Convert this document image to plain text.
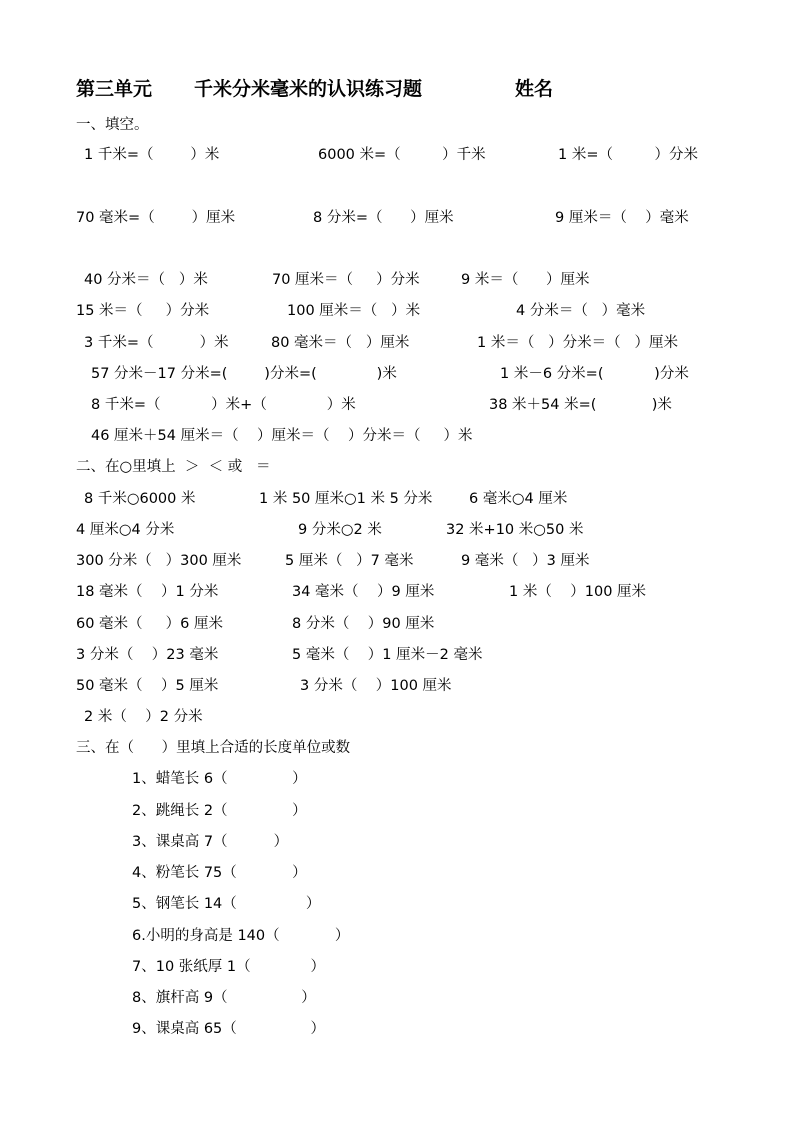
第三单元 千米分米毫米的认识练习题	姓名
一、填空。
1 千米=（        ）米	6000 米=（         ）千米	1 米=（         ）分米
70 毫米=（        ）厘米	8 分米=（      ）厘米	9 厘米＝（    ）毫米
40 分米＝（   ）米	70 厘米＝（     ）分米	9 米＝（      ）厘米
15 米＝（     ）分米	100 厘米＝（   ）米	4 分米＝（   ）毫米
3 千米=（          ）米	80 毫米＝（   ）厘米	1 米＝（   ）分米＝（   ）厘米
57 分米－17 分米=(        )分米=(             )米	1 米－6 分米=(           )分米
8 千米=（           ）米+（             ）米	38 米＋54 米=(            )米
46 厘米＋54 厘米＝（    ）厘米＝（    ）分米＝（     ）米
二、在○里填上  ＞  ＜ 或   ＝
8 千米○6000 米	1 米 50 厘米○1 米 5 分米	6 毫米○4 厘米
4 厘米○4 分米	9 分米○2 米	32 米+10 米○50 米
300 分米（   ）300 厘米	5 厘米（   ）7 毫米	9 毫米（   ）3 厘米
18 毫米（    ）1 分米	34 毫米（    ）9 厘米	1 米（    ）100 厘米
60 毫米（     ）6 厘米	8 分米（    ）90 厘米
3 分米（    ）23 毫米	5 毫米（    ）1 厘米－2 毫米
50 毫米（    ）5 厘米	3 分米（    ）100 厘米
2 米（    ）2 分米
三、在（      ）里填上合适的长度单位或数
1、蜡笔长 6（              ）
2、跳绳长 2（              ）
3、课桌高 7（          ）
4、粉笔长 75（            ）
5、钢笔长 14（               ）
6.小明的身高是 140（            ）
7、10 张纸厚 1（             ）
8、旗杆高 9（                ）
9、课桌高 65（                ）
